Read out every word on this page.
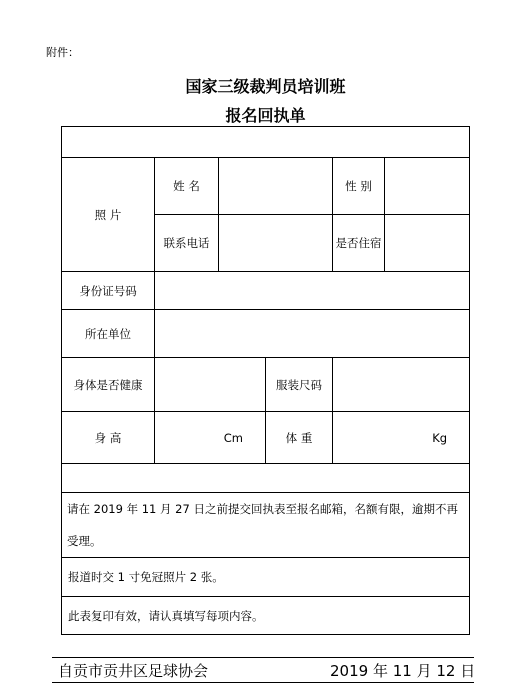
附件：
国家三级裁判员培训班
报名回执单

照 片	姓 名			性 别	
	联系电话			是否住宿	
身份证号码					
所在单位					
身体是否健康			服装尺码		
身 高	Cm		体 重	Kg	

请在 2019 年 11 月 27 日之前提交回执表至报名邮箱，名额有限，逾期不再
受理。					

报道时交 1 寸免冠照片 2 张。					
此表复印有效，请认真填写每项内容。					
自贡市贡井区足球协会	2019 年 11 月 12 日
